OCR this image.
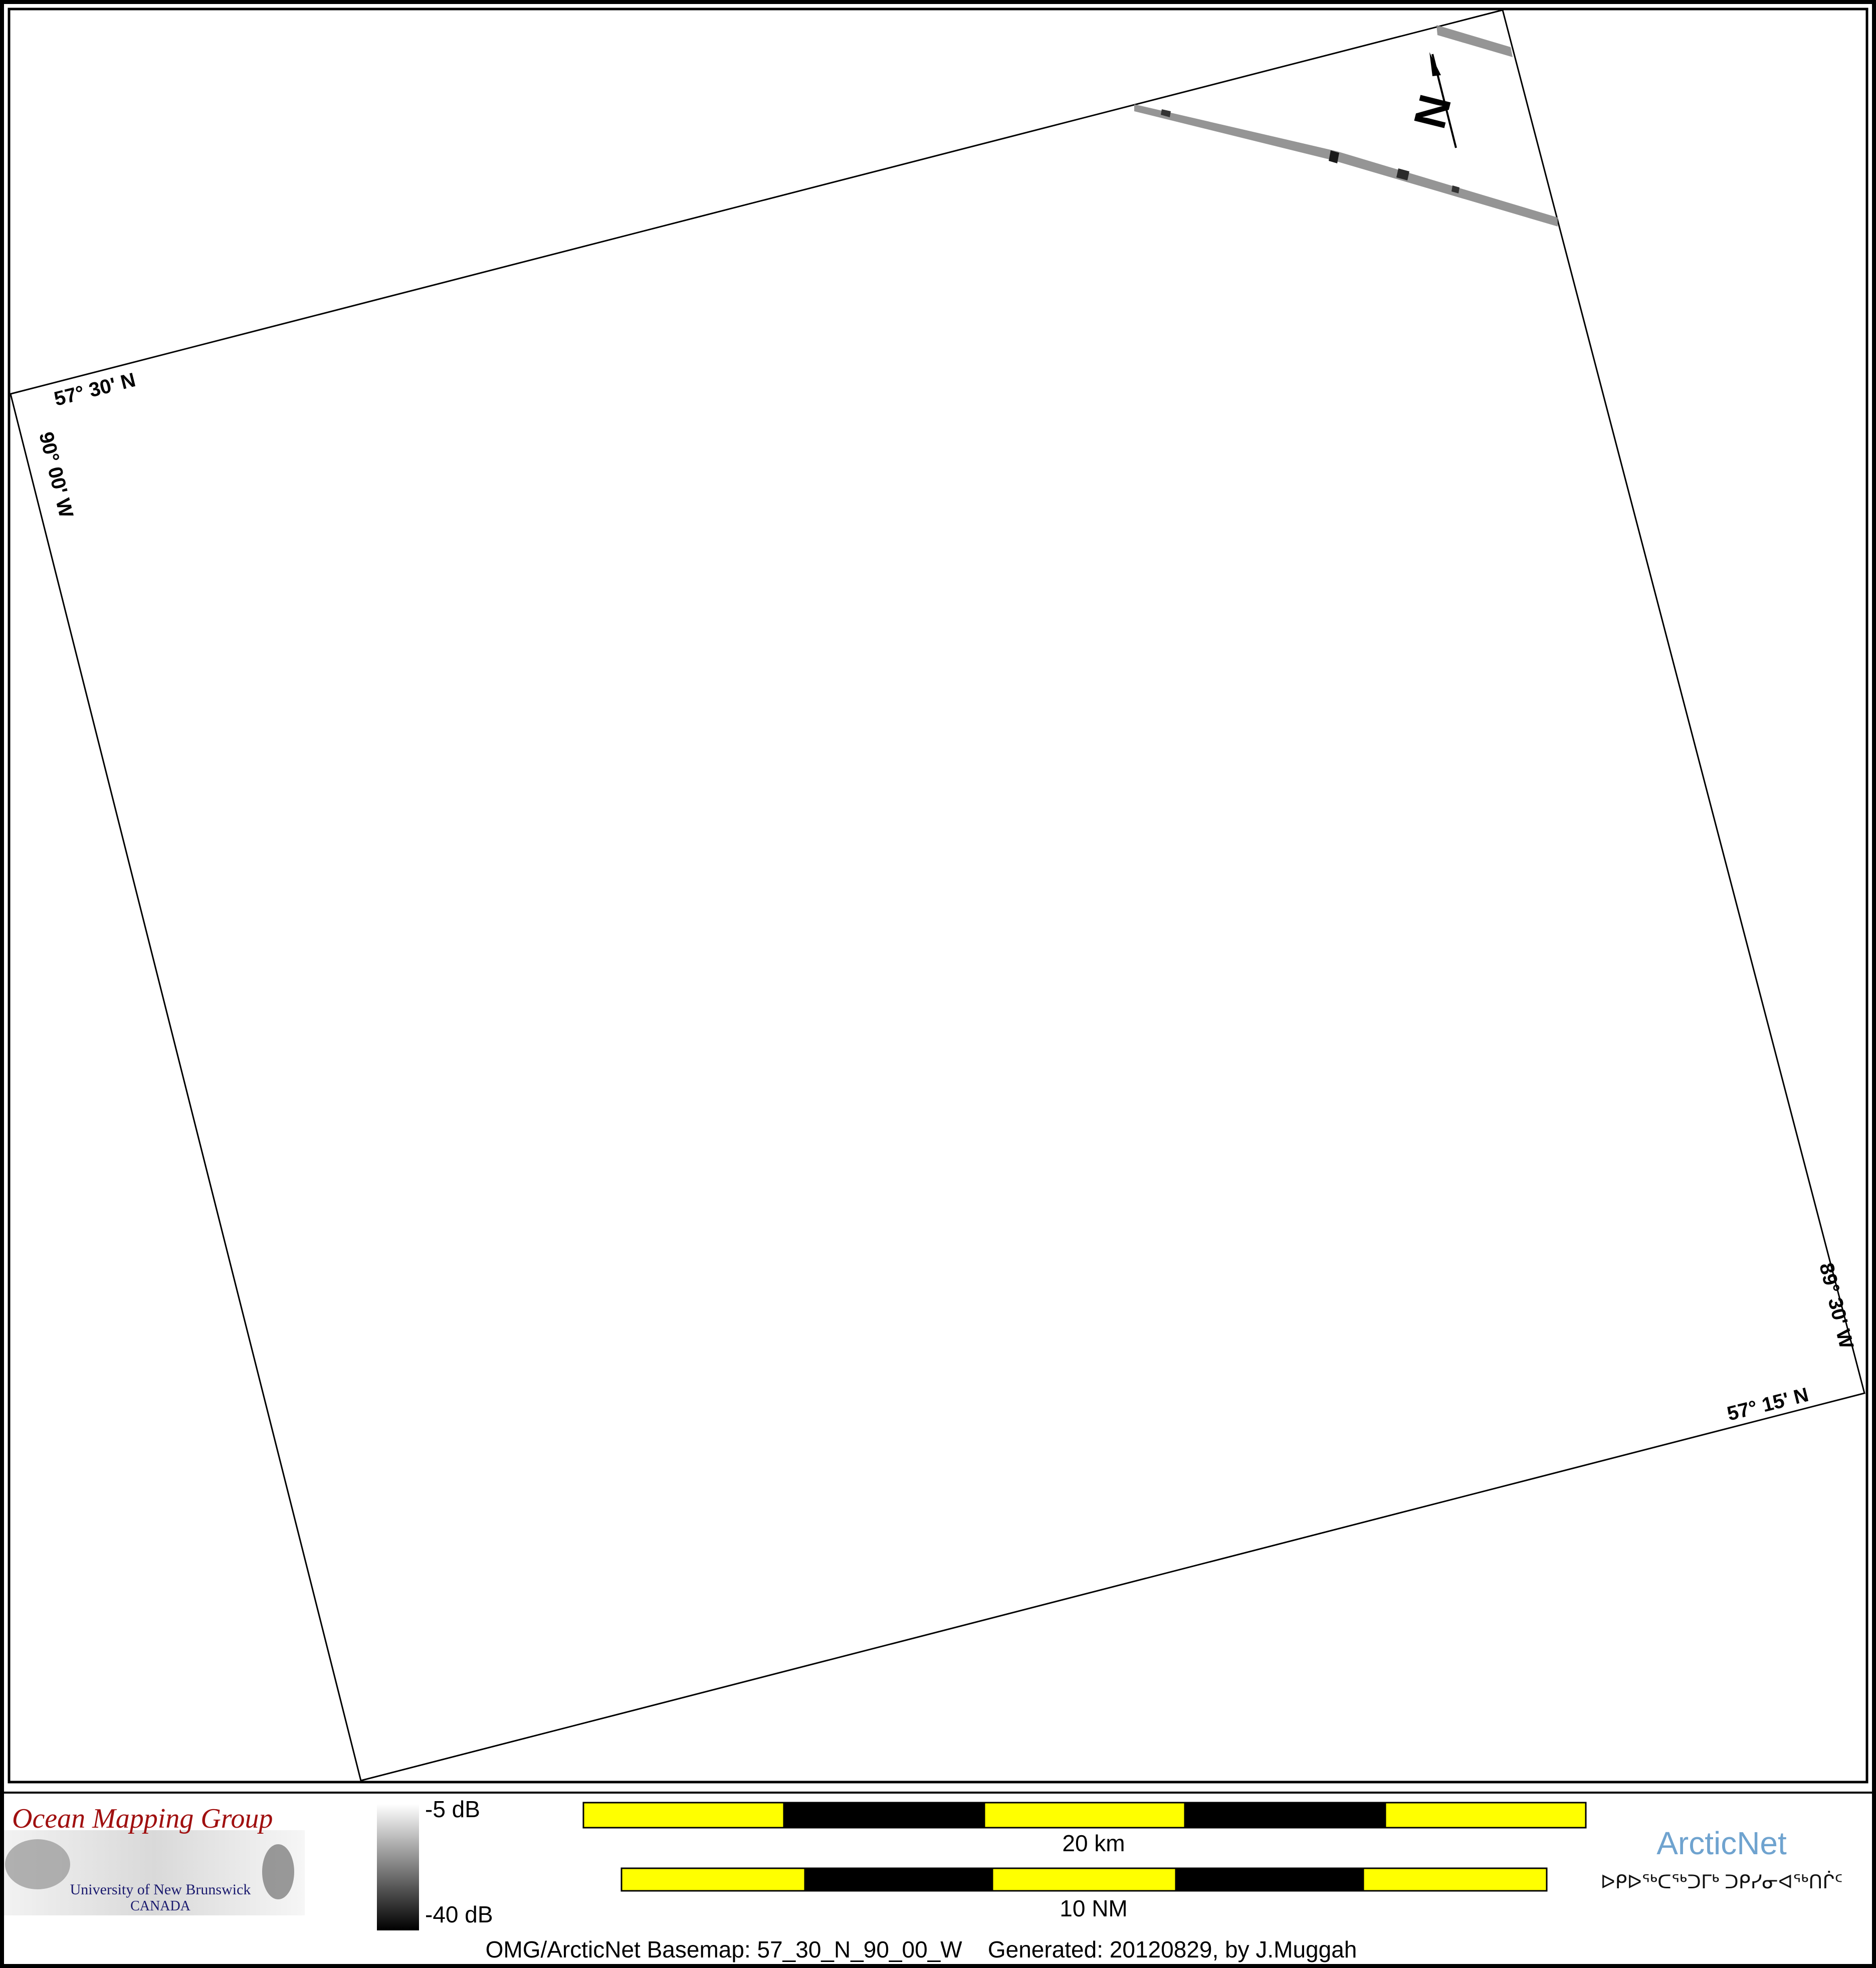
57° 30' N
57° 15' N
90° 00' W
89° 30' W
N
Ocean Mapping Group
University of New Brunswick
CANADA
-5 dB
-40 dB
20 km
10 NM
ArcticNet
ᐅᑭᐅᖅᑕᖅᑐᒥᒃ ᑐᑭᓯᓂᐊᖅᑎᒌᑦ
OMG/ArcticNet Basemap: 57_30_N_90_00_W    Generated: 20120829, by J.Muggah
